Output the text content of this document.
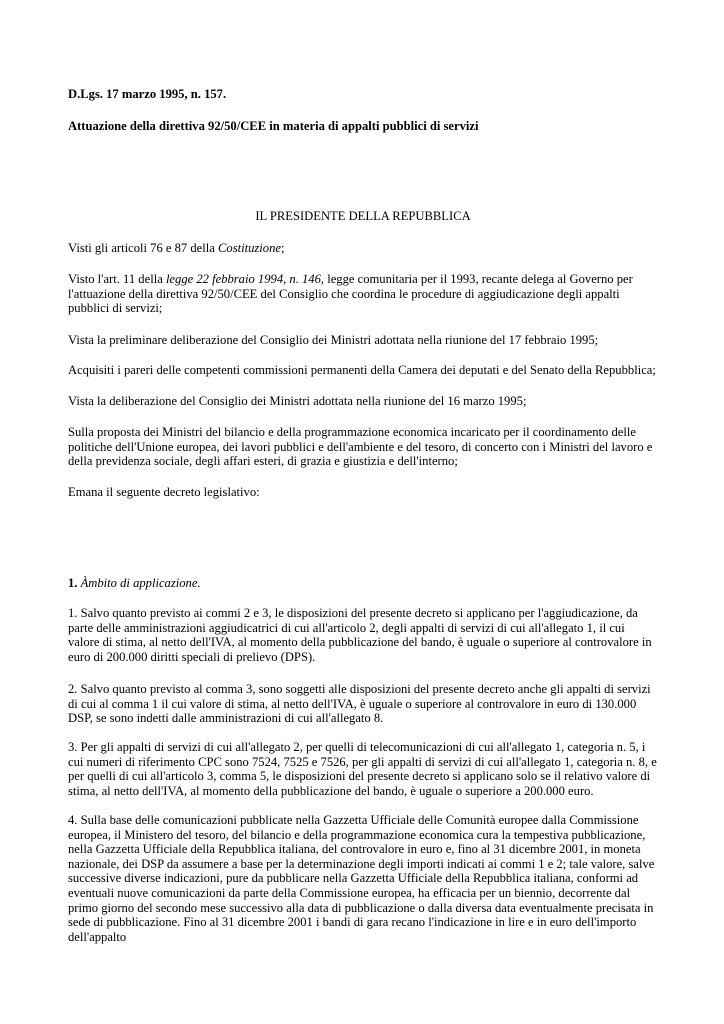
D.Lgs. 17 marzo 1995, n. 157.

Attuazione della direttiva 92/50/CEE in materia di appalti pubblici di servizi

IL PRESIDENTE DELLA REPUBBLICA

Visti gli articoli 76 e 87 della Costituzione;

Visto l'art. 11 della legge 22 febbraio 1994, n. 146, legge comunitaria per il 1993, recante delega al Governo per l'attuazione della direttiva 92/50/CEE del Consiglio che coordina le procedure di aggiudicazione degli appalti pubblici di servizi;

Vista la preliminare deliberazione del Consiglio dei Ministri adottata nella riunione del 17 febbraio 1995;

Acquisiti i pareri delle competenti commissioni permanenti della Camera dei deputati e del Senato della Repubblica;

Vista la deliberazione del Consiglio dei Ministri adottata nella riunione del 16 marzo 1995;

Sulla proposta dei Ministri del bilancio e della programmazione economica incaricato per il coordinamento delle politiche dell'Unione europea, dei lavori pubblici e dell'ambiente e del tesoro, di concerto con i Ministri del lavoro e della previdenza sociale, degli affari esteri, di grazia e giustizia e dell'interno;

Emana il seguente decreto legislativo:

1. Àmbito di applicazione.

1. Salvo quanto previsto ai commi 2 e 3, le disposizioni del presente decreto si applicano per l'aggiudicazione, da parte delle amministrazioni aggiudicatrici di cui all'articolo 2, degli appalti di servizi di cui all'allegato 1, il cui valore di stima, al netto dell'IVA, al momento della pubblicazione del bando, è uguale o superiore al controvalore in euro di 200.000 diritti speciali di prelievo (DPS).

2. Salvo quanto previsto al comma 3, sono soggetti alle disposizioni del presente decreto anche gli appalti di servizi di cui al comma 1 il cui valore di stima, al netto dell'IVA, è uguale o superiore al controvalore in euro di 130.000 DSP, se sono indetti dalle amministrazioni di cui all'allegato 8.

3. Per gli appalti di servizi di cui all'allegato 2, per quelli di telecomunicazioni di cui all'allegato 1, categoria n. 5, i cui numeri di riferimento CPC sono 7524, 7525 e 7526, per gli appalti di servizi di cui all'allegato 1, categoria n. 8, e per quelli di cui all'articolo 3, comma 5, le disposizioni del presente decreto si applicano solo se il relativo valore di stima, al netto dell'IVA, al momento della pubblicazione del bando, è uguale o superiore a 200.000 euro.

4. Sulla base delle comunicazioni pubblicate nella Gazzetta Ufficiale delle Comunità europee dalla Commissione europea, il Ministero del tesoro, del bilancio e della programmazione economica cura la tempestiva pubblicazione, nella Gazzetta Ufficiale della Repubblica italiana, del controvalore in euro e, fino al 31 dicembre 2001, in moneta nazionale, dei DSP da assumere a base per la determinazione degli importi indicati ai commi 1 e 2; tale valore, salve successive diverse indicazioni, pure da pubblicare nella Gazzetta Ufficiale della Repubblica italiana, conformi ad eventuali nuove comunicazioni da parte della Commissione europea, ha efficacia per un biennio, decorrente dal primo giorno del secondo mese successivo alla data di pubblicazione o dalla diversa data eventualmente precisata in sede di pubblicazione. Fino al 31 dicembre 2001 i bandi di gara recano l'indicazione in lire e in euro dell'importo dell'appalto
